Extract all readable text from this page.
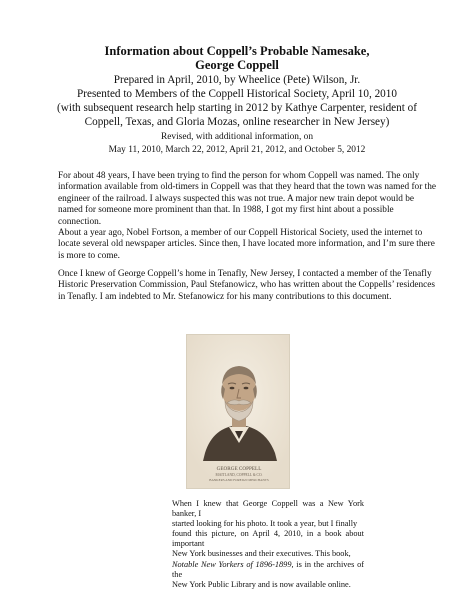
Information about Coppell’s Probable Namesake,
George Coppell
Prepared in April, 2010, by Wheelice (Pete) Wilson, Jr.
Presented to Members of the Coppell Historical Society, April 10, 2010
(with subsequent research help starting in 2012 by Kathye Carpenter, resident of
Coppell, Texas, and Gloria Mozas, online researcher in New Jersey)
Revised, with additional information, on
May 11, 2010, March 22, 2012, April 21, 2012, and October 5, 2012
For about 48 years, I have been trying to find the person for whom Coppell was named. The only
information available from old-timers in Coppell was that they heard that the town was named for the
engineer of the railroad. I always suspected this was not true. A major new train depot would be
named for someone more prominent than that. In 1988, I got my first hint about a possible connection.
About a year ago, Nobel Fortson, a member of our Coppell Historical Society, used the internet to
locate several old newspaper articles. Since then, I have located more information, and I’m sure there
is more to come.
Once I knew of George Coppell’s home in Tenafly, New Jersey, I contacted a member of the Tenafly
Historic Preservation Commission, Paul Stefanowicz, who has written about the Coppells’ residences
in Tenafly. I am indebted to Mr. Stefanowicz for his many contributions to this document.
GEORGE COPPELL
MAITLAND, COPPELL & CO.
BANKERS AND FOREIGN MERCHANTS
When I knew that George Coppell was a New York banker, I
started looking for his photo. It took a year, but I finally
found this picture, on April 4, 2010, in a book about important
New York businesses and their executives. This book,
Notable New Yorkers of 1896-1899, is in the archives of the
New York Public Library and is now available online.
